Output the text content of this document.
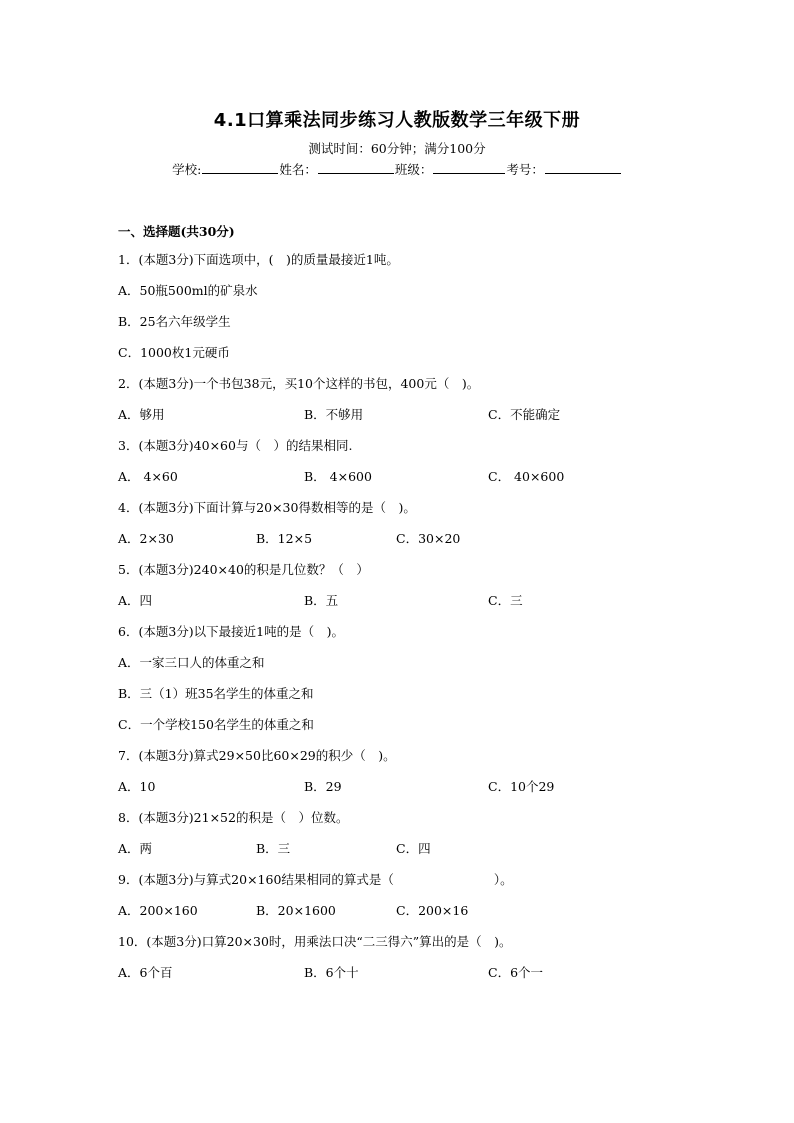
4.1口算乘法同步练习人教版数学三年级下册
测试时间：60分钟；满分100分
学校:	姓名：	班级：	考号：
一、选择题(共30分)
1．(本题3分)下面选项中，(　)的质量最接近1吨。
A．50瓶500ml的矿泉水
B．25名六年级学生
C．1000枚1元硬币
2．(本题3分)一个书包38元，买10个这样的书包，400元（　)。
A．够用	B．不够用	C．不能确定
3．(本题3分)40×60与（　）的结果相同.
A． 4×60	B． 4×600	C． 40×600
4．(本题3分)下面计算与20×30得数相等的是（　)。
A．2×30	B．12×5	C．30×20
5．(本题3分)240×40的积是几位数？（　）
A．四	B．五	C．三
6．(本题3分)以下最接近1吨的是（　)。
A．一家三口人的体重之和
B．三（1）班35名学生的体重之和
C．一个学校150名学生的体重之和
7．(本题3分)算式29×50比60×29的积少（　)。
A．10	B．29	C．10个29
8．(本题3分)21×52的积是（　）位数。
A．两	B．三	C．四
9．(本题3分)与算式20×160结果相同的算式是（	）。
A．200×160	B．20×1600	C．200×16
10．(本题3分)口算20×30时，用乘法口决“二三得六”算出的是（　)。
A．6个百	B．6个十	C．6个一
